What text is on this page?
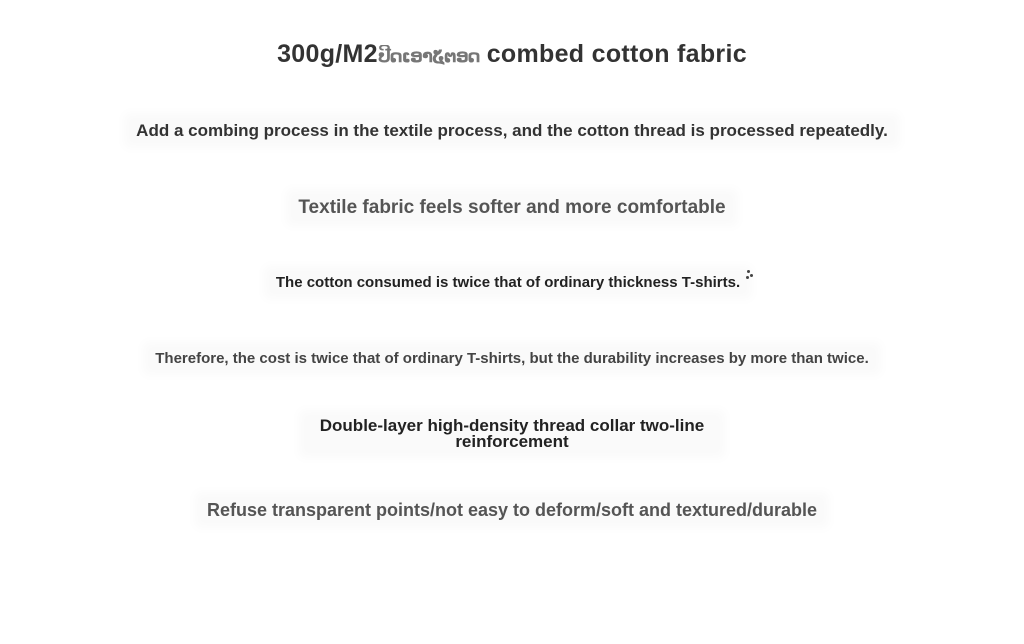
300g/M2ປີດເອາ໕ຕອດ combed cotton fabric
Add a combing process in the textile process, and the cotton thread is processed repeatedly.
Textile fabric feels softer and more comfortable
The cotton consumed is twice that of ordinary thickness T-shirts.
Therefore, the cost is twice that of ordinary T-shirts, but the durability increases by more than twice.
Double-layer high-density thread collar two-line reinforcement
Refuse transparent points/not easy to deform/soft and textured/durable
